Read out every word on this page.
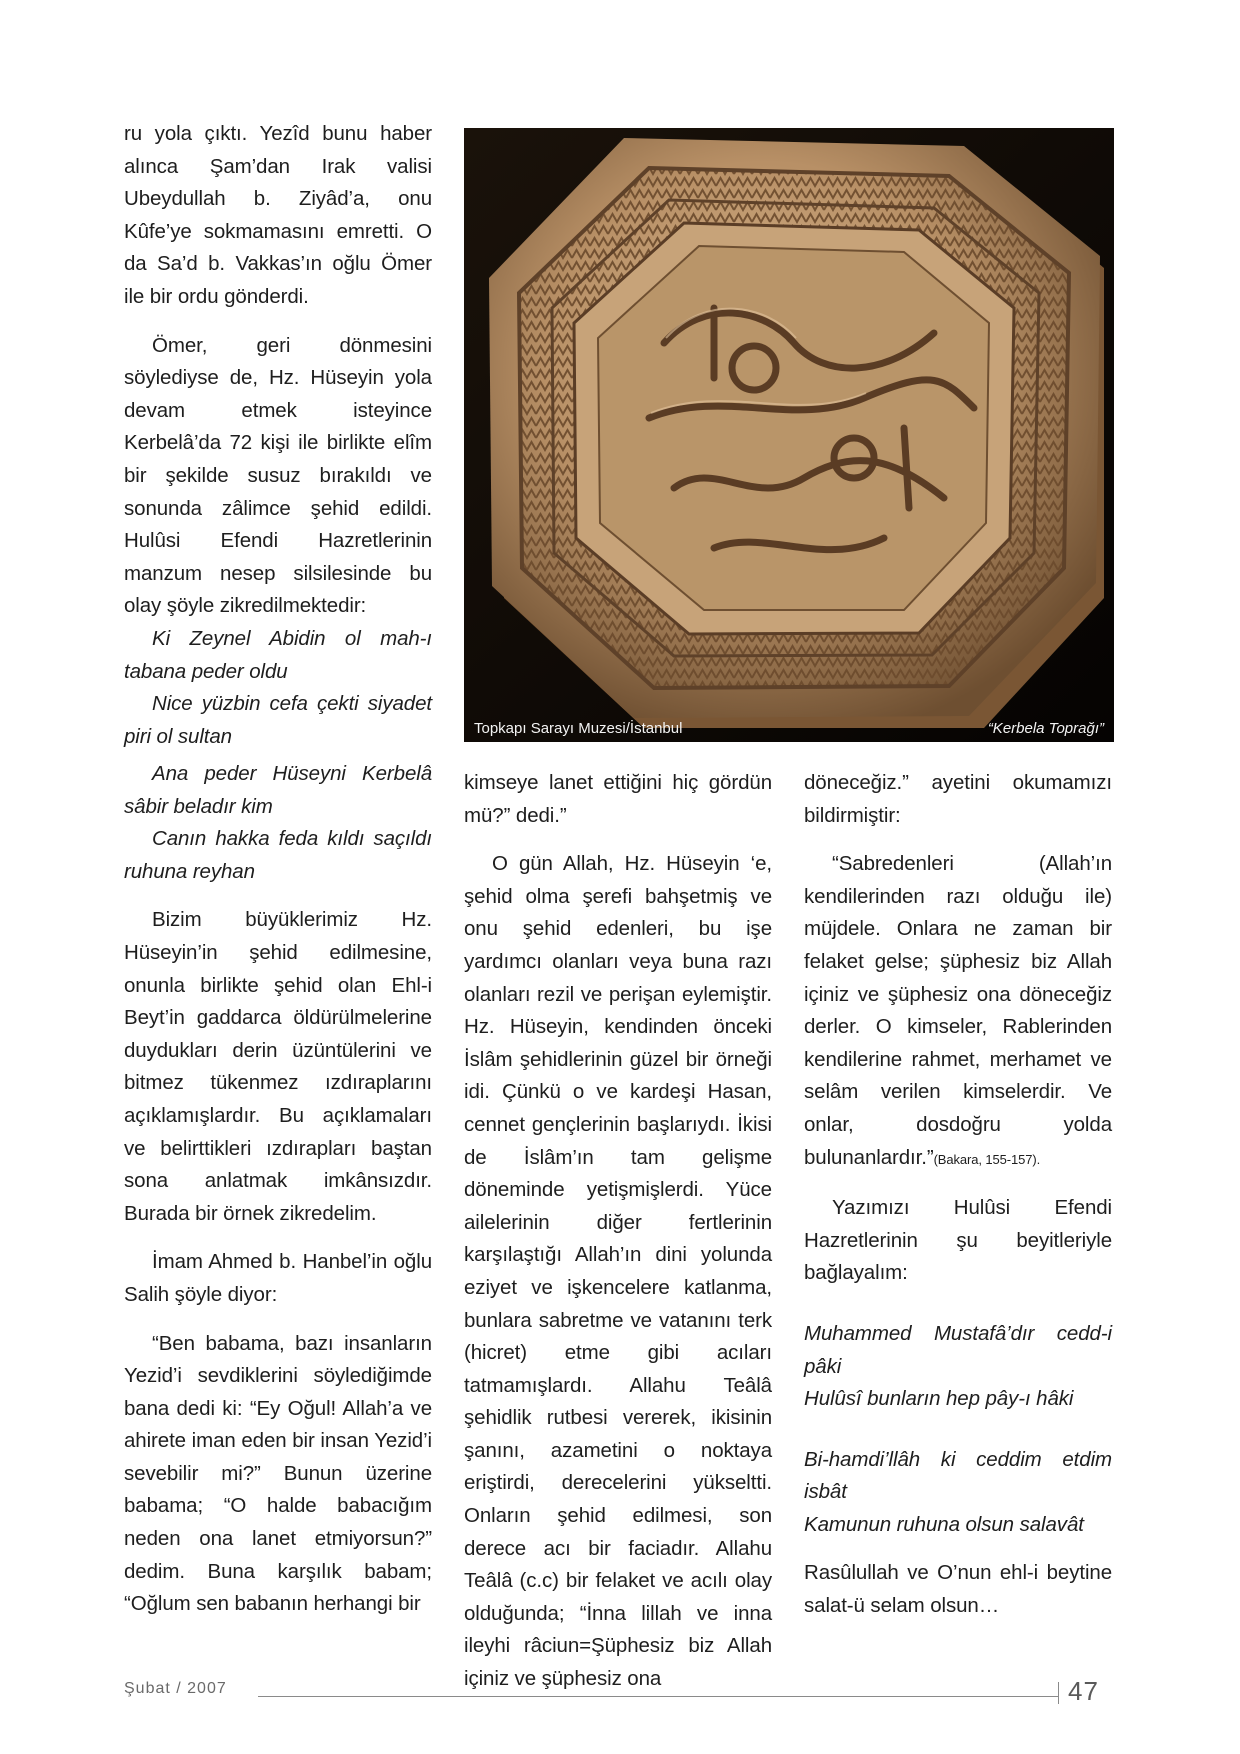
ru yola çıktı. Yezîd bunu haber alınca Şam’dan Irak valisi Ubeydullah b. Ziyâd’a, onu Kûfe’ye sokmamasını emretti. O da Sa’d b. Vakkas’ın oğlu Ömer ile bir ordu gönderdi.

Ömer, geri dönmesini söylediyse de, Hz. Hüseyin yola devam etmek isteyince Kerbelâ’da 72 kişi ile birlikte elîm bir şekilde susuz bırakıldı ve sonunda zâlimce şehid edildi. Hulûsi Efendi Hazretlerinin manzum nesep silsilesinde bu olay şöyle zikredilmektedir:

Ki Zeynel Abidin ol mah-ı tabana peder oldu

Nice yüzbin cefa çekti siyadet piri ol sultan	Topkapı Sarayı Muzesi/İstanbul	“Kerbela Toprağı”

Ana peder Hüseyni Kerbelâ sâbir beladır kim

Canın hakka feda kıldı saçıldı ruhuna reyhan

Bizim büyüklerimiz Hz. Hüseyin’in şehid edilmesine, onunla birlikte şehid olan Ehl-i Beyt’in gaddarca öldürülmelerine duydukları derin üzüntülerini ve bitmez tükenmez ızdıraplarını açıklamışlardır. Bu açıklamaları ve belirttikleri ızdırapları baştan sona anlatmak imkânsızdır. Burada bir örnek zikredelim.

İmam Ahmed b. Hanbel’in oğlu Salih şöyle diyor:

“Ben babama, bazı insanların Yezid’i sevdiklerini söylediğimde bana dedi ki: “Ey Oğul! Allah’a ve ahirete iman eden bir insan Yezid’i sevebilir mi?” Bunun üzerine babama; “O halde babacığım neden ona lanet etmiyorsun?” dedim. Buna karşılık babam; “Oğlum sen babanın herhangi bir

kimseye lanet ettiğini hiç gördün mü?” dedi.”

O gün Allah, Hz. Hüseyin ‘e, şehid olma şerefi bahşetmiş ve onu şehid edenleri, bu işe yardımcı olanları veya buna razı olanları rezil ve perişan eylemiştir. Hz. Hüseyin, kendinden önceki İslâm şehidlerinin güzel bir örneği idi. Çünkü o ve kardeşi Hasan, cennet gençlerinin başlarıydı. İkisi de İslâm’ın tam gelişme döneminde yetişmişlerdi. Yüce ailelerinin diğer fertlerinin karşılaştığı Allah’ın dini yolunda eziyet ve işkencelere katlanma, bunlara sabretme ve vatanını terk (hicret) etme gibi acıları tatmamışlardı. Allahu Teâlâ şehidlik rutbesi vererek, ikisinin şanını, azametini o noktaya eriştirdi, derecelerini yükseltti. Onların şehid edilmesi, son derece acı bir faciadır. Allahu Teâlâ (c.c) bir felaket ve acılı olay olduğunda; “İnna lillah ve inna ileyhi râciun=Şüphesiz biz Allah içiniz ve şüphesiz ona

döneceğiz.” ayetini okumamızı bildirmiştir:

“Sabredenleri (Allah’ın kendilerinden razı olduğu ile) müjdele. Onlara ne zaman bir felaket gelse; şüphesiz biz Allah içiniz ve şüphesiz ona döneceğiz derler. O kimseler, Rablerinden kendilerine rahmet, merhamet ve selâm verilen kimselerdir. Ve onlar, dosdoğru yolda bulunanlardır.”(Bakara, 155-157).

Yazımızı Hulûsi Efendi Hazretlerinin şu beyitleriyle bağlayalım:

Muhammed Mustafâ’dır cedd-i pâki

Hulûsî bunların hep pây-ı hâki

Bi-hamdi’llâh ki ceddim etdim isbât

Kamunun ruhuna olsun salavât

Rasûlullah ve O’nun ehl-i beytine salat-ü selam olsun…

Şubat / 2007	47
